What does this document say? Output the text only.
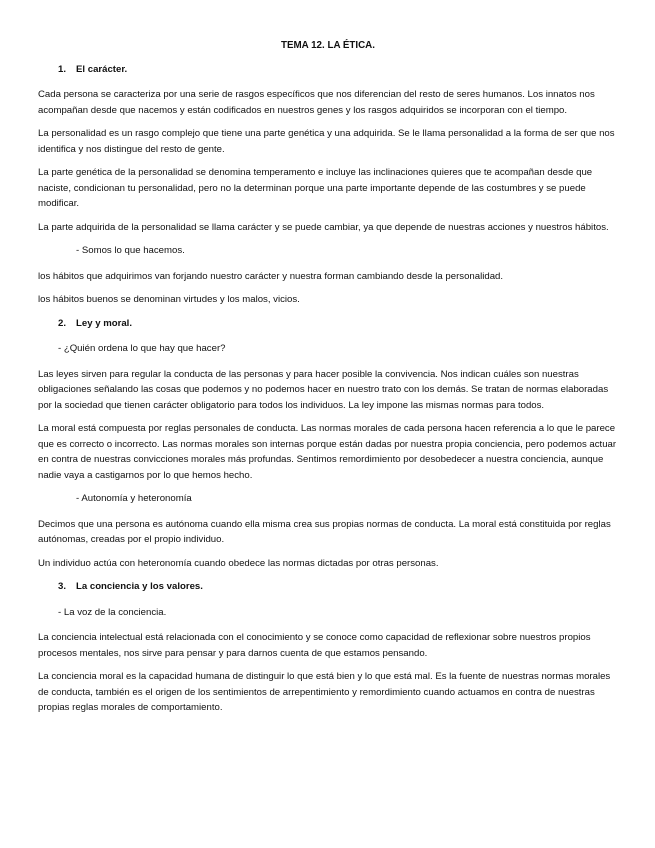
TEMA 12. LA ÉTICA.
1.	El carácter.

Cada persona se caracteriza por una serie de rasgos específicos que nos diferencian del resto de seres humanos. Los innatos nos acompañan desde que nacemos y están codificados en nuestros genes y los rasgos adquiridos se incorporan con el tiempo.

La personalidad es un rasgo complejo que tiene una parte genética y una adquirida. Se le llama personalidad a la forma de ser que nos identifica y nos distingue del resto de gente.

La parte genética de la personalidad se denomina temperamento e incluye las inclinaciones quieres que te acompañan desde que naciste, condicionan tu personalidad, pero no la determinan porque una parte importante depende de las costumbres y se puede modificar.

La parte adquirida de la personalidad se llama carácter y se puede cambiar, ya que depende de nuestras acciones y nuestros hábitos.

- Somos lo que hacemos.

los hábitos que adquirimos van forjando nuestro carácter y nuestra forman cambiando desde la personalidad.

los hábitos buenos se denominan virtudes y los malos, vicios.

2.	Ley y moral.

- ¿Quién ordena lo que hay que hacer?

Las leyes sirven para regular la conducta de las personas y para hacer posible la convivencia. Nos indican cuáles son nuestras obligaciones señalando las cosas que podemos y no podemos hacer en nuestro trato con los demás. Se tratan de normas elaboradas por la sociedad que tienen carácter obligatorio para todos los individuos. La ley impone las mismas normas para todos.

La moral está compuesta por reglas personales de conducta. Las normas morales de cada persona hacen referencia a lo que le parece que es correcto o incorrecto. Las normas morales son internas porque están dadas por nuestra propia conciencia, pero podemos actuar en contra de nuestras convicciones morales más profundas. Sentimos remordimiento por desobedecer a nuestra conciencia, aunque nadie vaya a castigarnos por lo que hemos hecho.

- Autonomía y heteronomía

Decimos que una persona es autónoma cuando ella misma crea sus propias normas de conducta. La moral está constituida por reglas autónomas, creadas por el propio individuo.

Un individuo actúa con heteronomía cuando obedece las normas dictadas por otras personas.

3.	La conciencia y los valores.

- La voz de la conciencia.

La conciencia intelectual está relacionada con el conocimiento y se conoce como capacidad de reflexionar sobre nuestros propios procesos mentales, nos sirve para pensar y para darnos cuenta de que estamos pensando.

La conciencia moral es la capacidad humana de distinguir lo que está bien y lo que está mal. Es la fuente de nuestras normas morales de conducta, también es el origen de los sentimientos de arrepentimiento y remordimiento cuando actuamos en contra de nuestras propias reglas morales de comportamiento.
